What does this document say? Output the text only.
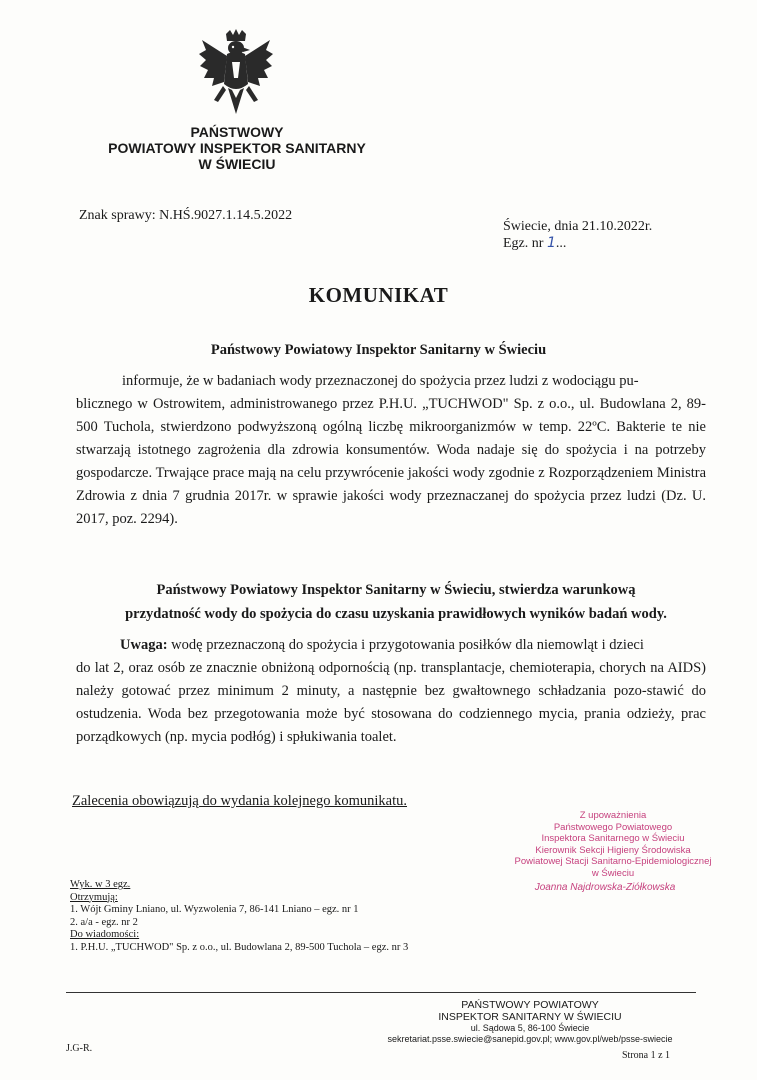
PAŃSTWOWY
POWIATOWY INSPEKTOR SANITARNY
W ŚWIECIU
Znak sprawy: N.HŚ.9027.1.14.5.2022
Świecie, dnia 21.10.2022r.
Egz. nr 1...
KOMUNIKAT
Państwowy Powiatowy Inspektor Sanitarny w Świeciu
informuje, że w badaniach wody przeznaczonej do spożycia przez ludzi z wodociągu pu-
blicznego w Ostrowitem, administrowanego przez P.H.U. „TUCHWOD" Sp. z o.o., ul. Budowlana 2, 89-500 Tuchola, stwierdzono podwyższoną ogólną liczbę mikroorganizmów w temp. 22ºC. Bakterie te nie stwarzają istotnego zagrożenia dla zdrowia konsumentów. Woda nadaje się do spożycia i na potrzeby gospodarcze. Trwające prace mają na celu przywrócenie jakości wody zgodnie z Rozporządzeniem Ministra Zdrowia z dnia 7 grudnia 2017r. w sprawie jakości wody przeznaczanej do spożycia przez ludzi (Dz. U. 2017, poz. 2294).
Państwowy Powiatowy Inspektor Sanitarny w Świeciu, stwierdza warunkową
przydatność wody do spożycia do czasu uzyskania prawidłowych wyników badań wody.
Uwaga: wodę przeznaczoną do spożycia i przygotowania posiłków dla niemowląt i dzieci
do lat 2, oraz osób ze znacznie obniżoną odpornością (np. transplantacje, chemioterapia, chorych na AIDS) należy gotować przez minimum 2 minuty, a następnie bez gwałtownego schładzania pozo-stawić do ostudzenia. Woda bez przegotowania może być stosowana do codziennego mycia, prania odzieży, prac porządkowych (np. mycia podłóg) i spłukiwania toalet.
Zalecenia obowiązują do wydania kolejnego komunikatu.
Z upoważnienia
Państwowego Powiatowego
Inspektora Sanitarnego w Świeciu
Kierownik Sekcji Higieny Środowiska
Powiatowej Stacji Sanitarno-Epidemiologicznej
w Świeciu
Joanna Najdrowska-Ziółkowska
Wyk. w 3 egz.
Otrzymują:
1. Wójt Gminy Lniano, ul. Wyzwolenia 7, 86-141 Lniano – egz. nr 1
2. a/a - egz. nr 2
Do wiadomości:
1. P.H.U. „TUCHWOD" Sp. z o.o., ul. Budowlana 2, 89-500 Tuchola – egz. nr 3
PAŃSTWOWY POWIATOWY
INSPEKTOR SANITARNY W ŚWIECIU
ul. Sądowa 5, 86-100 Świecie
sekretariat.psse.swiecie@sanepid.gov.pl; www.gov.pl/web/psse-swiecie
J.G-R.
Strona 1 z 1
